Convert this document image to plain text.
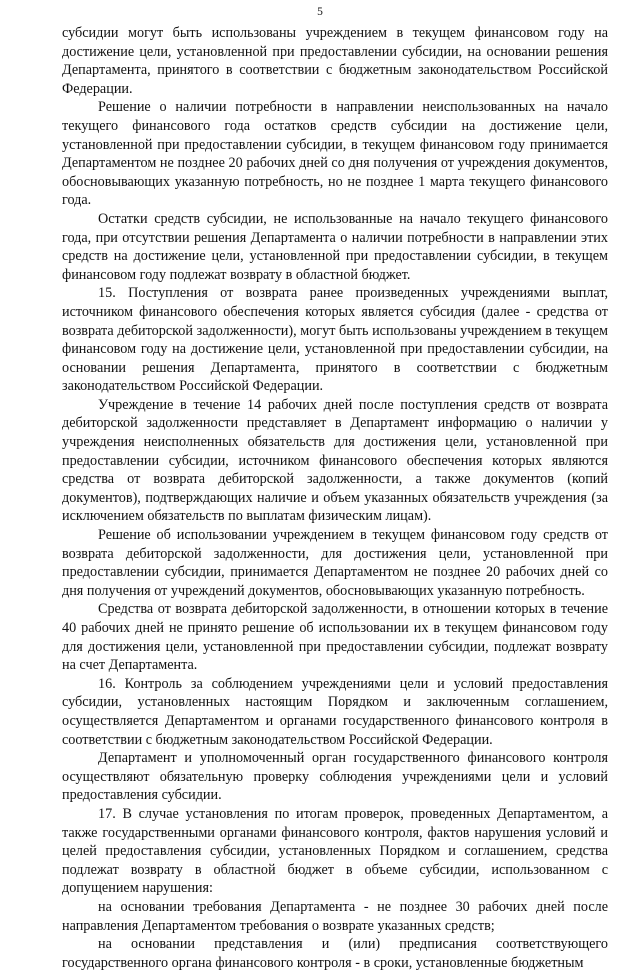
5

субсидии могут быть использованы учреждением в текущем финансовом году на достижение цели, установленной при предоставлении субсидии, на основании решения Департамента, принятого в соответствии с бюджетным законодательством Российской Федерации.

Решение о наличии потребности в направлении неиспользованных на начало текущего финансового года остатков средств субсидии на достижение цели, установленной при предоставлении субсидии, в текущем финансовом году принимается Департаментом не позднее 20 рабочих дней со дня получения от учреждения документов, обосновывающих указанную потребность, но не позднее 1 марта текущего финансового года.

Остатки средств субсидии, не использованные на начало текущего финансового года, при отсутствии решения Департамента о наличии потребности в направлении этих средств на достижение цели, установленной при предоставлении субсидии, в текущем финансовом году подлежат возврату в областной бюджет.

15. Поступления от возврата ранее произведенных учреждениями выплат, источником финансового обеспечения которых является субсидия (далее - средства от возврата дебиторской задолженности), могут быть использованы учреждением в текущем финансовом году на достижение цели, установленной при предоставлении субсидии, на основании решения Департамента, принятого в соответствии с бюджетным законодательством Российской Федерации.

Учреждение в течение 14 рабочих дней после поступления средств от возврата дебиторской задолженности представляет в Департамент информацию о наличии у учреждения неисполненных обязательств для достижения цели, установленной при предоставлении субсидии, источником финансового обеспечения которых являются средства от возврата дебиторской задолженности, а также документов (копий документов), подтверждающих наличие и объем указанных обязательств учреждения (за исключением обязательств по выплатам физическим лицам).

Решение об использовании учреждением в текущем финансовом году средств от возврата дебиторской задолженности, для достижения цели, установленной при предоставлении субсидии, принимается Департаментом не позднее 20 рабочих дней со дня получения от учреждений документов, обосновывающих указанную потребность.

Средства от возврата дебиторской задолженности, в отношении которых в течение 40 рабочих дней не принято решение об использовании их в текущем финансовом году для достижения цели, установленной при предоставлении субсидии, подлежат возврату на счет Департамента.

16. Контроль за соблюдением учреждениями цели и условий предоставления субсидии, установленных настоящим Порядком и заключенным соглашением, осуществляется Департаментом и органами государственного финансового контроля в соответствии с бюджетным законодательством Российской Федерации.

Департамент и уполномоченный орган государственного финансового контроля осуществляют обязательную проверку соблюдения учреждениями цели и условий предоставления субсидии.

17. В случае установления по итогам проверок, проведенных Департаментом, а также государственными органами финансового контроля, фактов нарушения условий и целей предоставления субсидии, установленных Порядком и соглашением, средства подлежат возврату в областной бюджет в объеме субсидии, использованном с допущением нарушения:

на основании требования Департамента - не позднее 30 рабочих дней после направления Департаментом требования о возврате указанных средств;

на основании представления и (или) предписания соответствующего государственного органа финансового контроля - в сроки, установленные бюджетным
